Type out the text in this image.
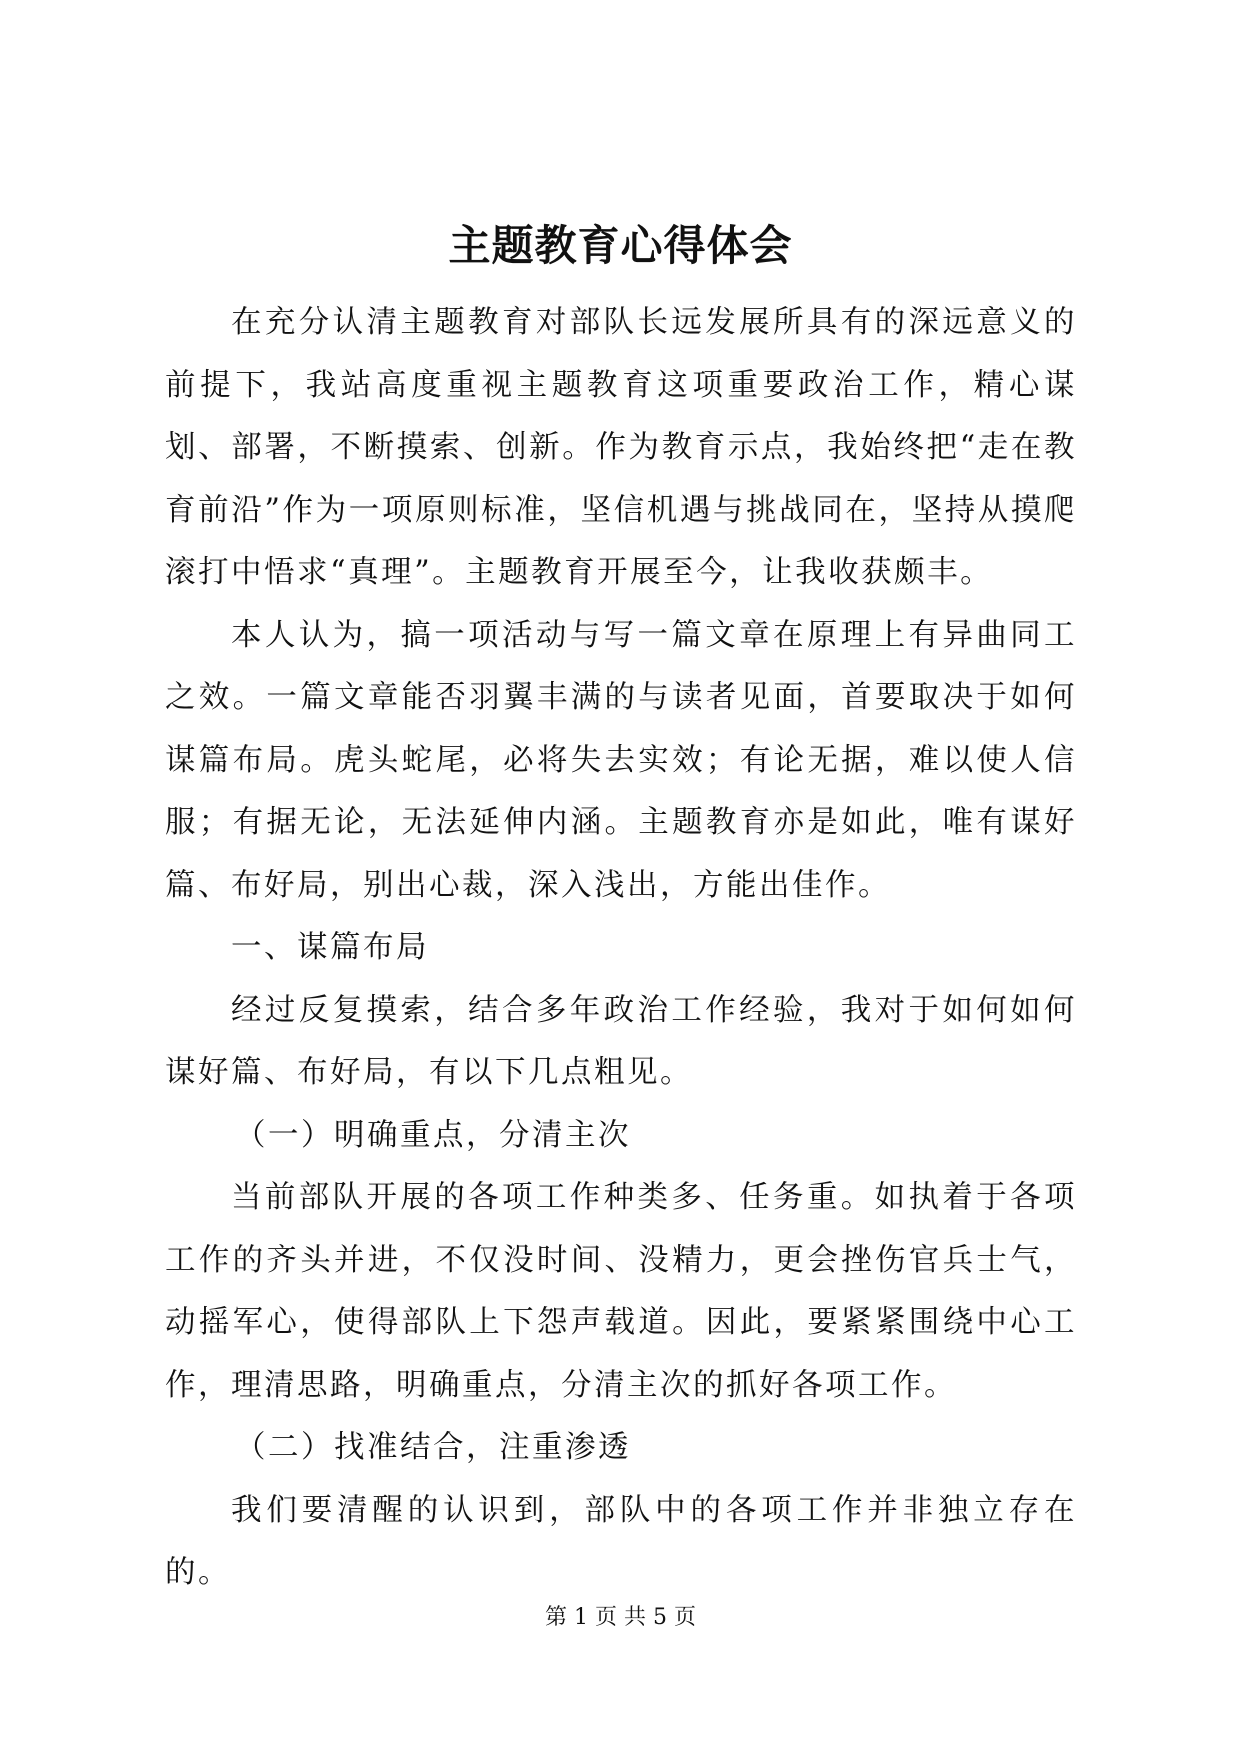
主题教育心得体会

在充分认清主题教育对部队长远发展所具有的深远意义的前提下，我站高度重视主题教育这项重要政治工作，精心谋划、部署，不断摸索、创新。作为教育示点，我始终把“走在教育前沿”作为一项原则标准，坚信机遇与挑战同在，坚持从摸爬滚打中悟求“真理”。主题教育开展至今，让我收获颇丰。

本人认为，搞一项活动与写一篇文章在原理上有异曲同工之效。一篇文章能否羽翼丰满的与读者见面，首要取决于如何谋篇布局。虎头蛇尾，必将失去实效；有论无据，难以使人信服；有据无论，无法延伸内涵。主题教育亦是如此，唯有谋好篇、布好局，别出心裁，深入浅出，方能出佳作。

一、谋篇布局

经过反复摸索，结合多年政治工作经验，我对于如何如何谋好篇、布好局，有以下几点粗见。

（一）明确重点，分清主次

当前部队开展的各项工作种类多、任务重。如执着于各项工作的齐头并进，不仅没时间、没精力，更会挫伤官兵士气，动摇军心，使得部队上下怨声载道。因此，要紧紧围绕中心工作，理清思路，明确重点，分清主次的抓好各项工作。

（二）找准结合，注重渗透

我们要清醒的认识到，部队中的各项工作并非独立存在的。

第 1 页 共 5 页
